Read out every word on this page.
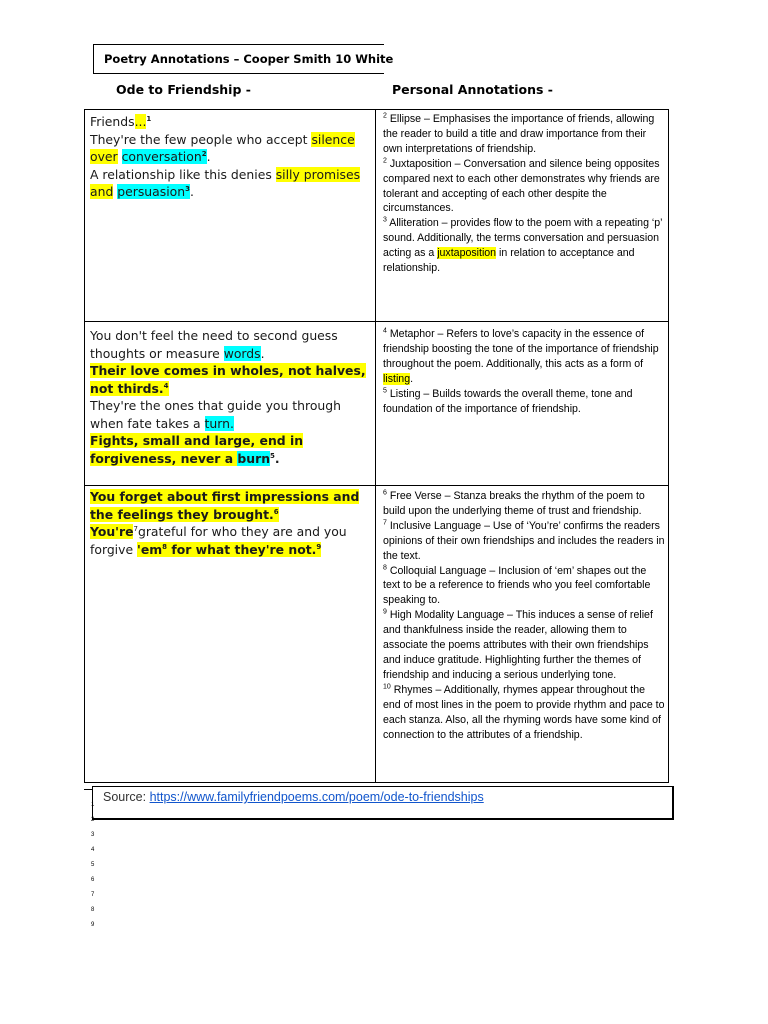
Poetry Annotations – Cooper Smith 10 White
Ode to Friendship -	Personal Annotations -
Friends...$^1$
They're the few people who accept silence over conversation$^2$.
A relationship like this denies silly promises and persuasion$^3$.
You don't feel the need to second guess thoughts or measure words.
Their love comes in wholes, not halves, not thirds.$^4$
They're the ones that guide you through when fate takes a turn.
Fights, small and large, end in forgiveness, never a burn$^5$.
You forget about first impressions and the feelings they brought.$^6$
$You're^7grateful$ for who they are and you forgive '$em^8$ for what they're not.$^9$
$^2$ Ellipse – Emphasises the importance of friends, allowing the reader to build a title and draw importance from their own interpretations of friendship.
$^2$ Juxtaposition – Conversation and silence being opposites compared next to each other demonstrates why friends are tolerant and accepting of each other despite the circumstances.
$^3$ Alliteration – provides flow to the poem with a repeating ‘p’ sound. Additionally, the terms conversation and persuasion acting as a juxtaposition in relation to acceptance and relationship.
$^4$ Metaphor – Refers to love’s capacity in the essence of friendship boosting the tone of the importance of friendship throughout the poem. Additionally, this acts as a form of listing.
$^5$ Listing – Builds towards the overall theme, tone and foundation of the importance of friendship.
$^6$ Free Verse – Stanza breaks the rhythm of the poem to build upon the underlying theme of trust and friendship.
$^7$ Inclusive Language – Use of ‘You’re’ confirms the readers opinions of their own friendships and includes the readers in the text.
$^8$ Colloquial Language – Inclusion of ‘em’ shapes out the text to be a reference to friends who you feel comfortable speaking to.
$^9$ High Modality Language – This induces a sense of relief and thankfulness inside the reader, allowing them to associate the poems attributes with their own friendships and induce gratitude. Highlighting further the themes of friendship and inducing a serious underlying tone.
$^{10}$ Rhymes – Additionally, rhymes appear throughout the end of most lines in the poem to provide rhythm and pace to each stanza. Also, all the rhyming words have some kind of connection to the attributes of a friendship.
Source: https://www.familyfriendpoems.com/poem/ode-to-friendships
1
2
3
4
5
6
7
8
9
